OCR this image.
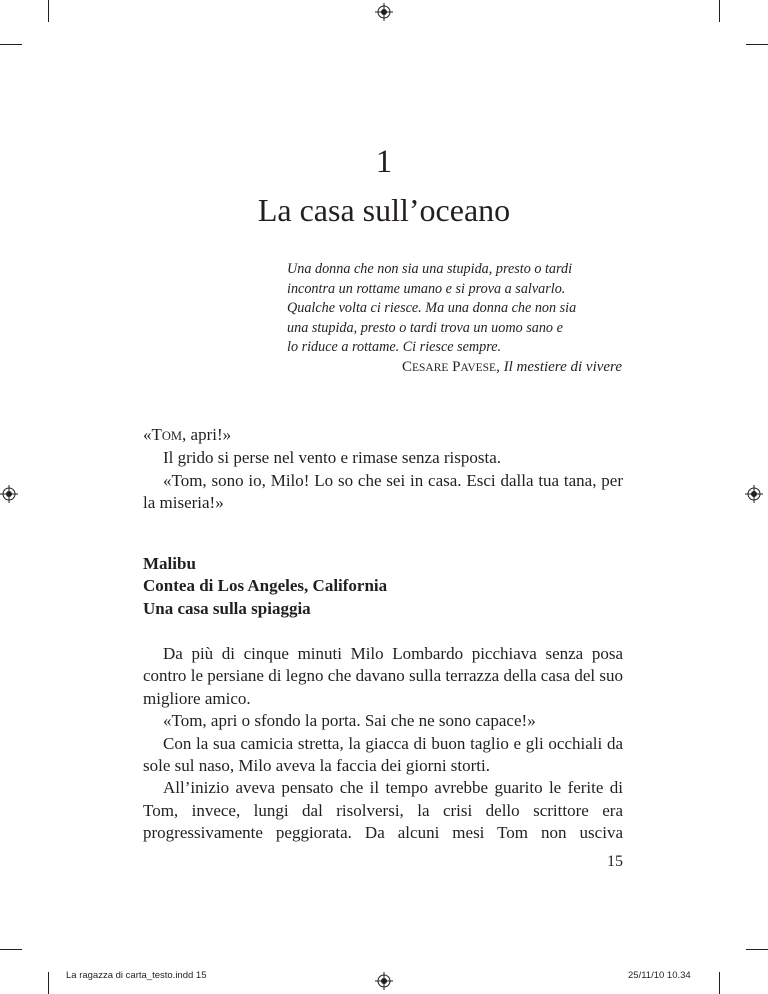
1
La casa sull’oceano
Una donna che non sia una stupida, presto o tardi
incontra un rottame umano e si prova a salvarlo.
Qualche volta ci riesce. Ma una donna che non sia
una stupida, presto o tardi trova un uomo sano e
lo riduce a rottame. Ci riesce sempre.
CESARE PAVESE, Il mestiere di vivere

«TOM, apri!»

Il grido si perse nel vento e rimase senza risposta.

«Tom, sono io, Milo! Lo so che sei in casa. Esci dalla tua tana, per la miseria!»

Malibu
Contea di Los Angeles, California
Una casa sulla spiaggia

Da più di cinque minuti Milo Lombardo picchiava senza posa contro le persiane di legno che davano sulla terrazza della casa del suo migliore amico.

«Tom, apri o sfondo la porta. Sai che ne sono capace!»

Con la sua camicia stretta, la giacca di buon taglio e gli occhiali da sole sul naso, Milo aveva la faccia dei giorni storti.

All’inizio aveva pensato che il tempo avrebbe guarito le ferite di Tom, invece, lungi dal risolversi, la crisi dello scrittore era progressivamente peggiorata. Da alcuni mesi Tom non usciva

15
La ragazza di carta_testo.indd 15	25/11/10 10.34
